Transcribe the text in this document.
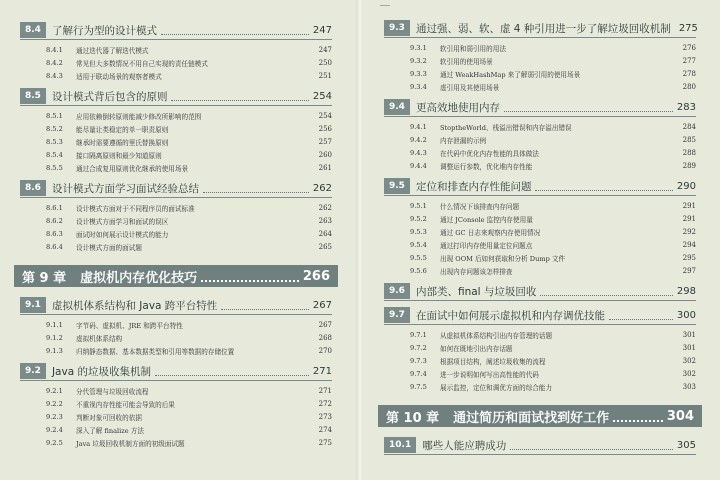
8.4	了解行为型的设计模式	247
8.4.1	通过迭代器了解迭代模式	247
8.4.2	常见但大多数情况不用自己实现的责任链模式	250
8.4.3	适用于联动场景的观察者模式	251
8.5	设计模式背后包含的原则	254
8.5.1	应用依赖倒转原则能减少修改所影响的范围	254
8.5.2	能尽量让类稳定的单一职责原则	256
8.5.3	继承时需要遵循的里氏替换原则	257
8.5.4	接口隔离原则和最少知道原则	260
8.5.5	通过合成复用原则优化继承的使用场景	261
8.6	设计模式方面学习面试经验总结	262
8.6.1	设计模式方面对于不同程序员的面试标准	262
8.6.2	设计模式方面学习和面试的误区	263
8.6.3	面试时如何展示设计模式的能力	264
8.6.4	设计模式方面的面试题	265
第 9 章 虚拟机内存优化技巧	266
9.1	虚拟机体系结构和 Java 跨平台特性	267
9.1.1	字节码、虚拟机、JRE 和跨平台特性	267
9.1.2	虚拟机体系结构	268
9.1.3	归纳静态数据、基本数据类型和引用等数据的存储位置	270
9.2	Java 的垃圾收集机制	271
9.2.1	分代管理与垃圾回收流程	271
9.2.2	不重视内存性能可能会导致的后果	272
9.2.3	判断对象可回收的依据	273
9.2.4	深入了解 finalize 方法	274
9.2.5	Java 垃圾回收机制方面的初级面试题	275
9.3	通过强、弱、软、虚 4 种引用进一步了解垃圾回收机制 275
9.3.1	软引用和弱引用的用法	276
9.3.2	软引用的使用场景	277
9.3.3	通过 WeakHashMap 来了解弱引用的使用场景	278
9.3.4	虚引用及其使用场景	280
9.4	更高效地使用内存	283
9.4.1	StoptheWorld、栈溢出错误和内存溢出错误	284
9.4.2	内存泄漏的示例	285
9.4.3	在代码中优化内存性能的具体做法	288
9.4.4	调整运行参数，优化堆内存性能	289
9.5	定位和排查内存性能问题	290
9.5.1	什么情况下该排查内存问题	291
9.5.2	通过 JConsole 监控内存使用量	291
9.5.3	通过 GC 日志来观察内存使用情况	292
9.5.4	通过打印内存使用量定位问题点	294
9.5.5	出现 OOM 后如何获取和分析 Dump 文件	295
9.5.6	出现内存问题该怎样排查	297
9.6	内部类、final 与垃圾回收	298
9.7	在面试中如何展示虚拟机和内存调优技能	300
9.7.1	从虚拟机体系结构引出内存管理的话题	301
9.7.2	如何在既地引出内存话题	301
9.7.3	根据项目结构，阐述垃圾收集的流程	302
9.7.4	进一步说明如何写出高性能的代码	302
9.7.5	展示监控，定位和调优方面的综合能力	303
第 10 章 通过简历和面试找到好工作	304
10.1	哪些人能应聘成功	305
